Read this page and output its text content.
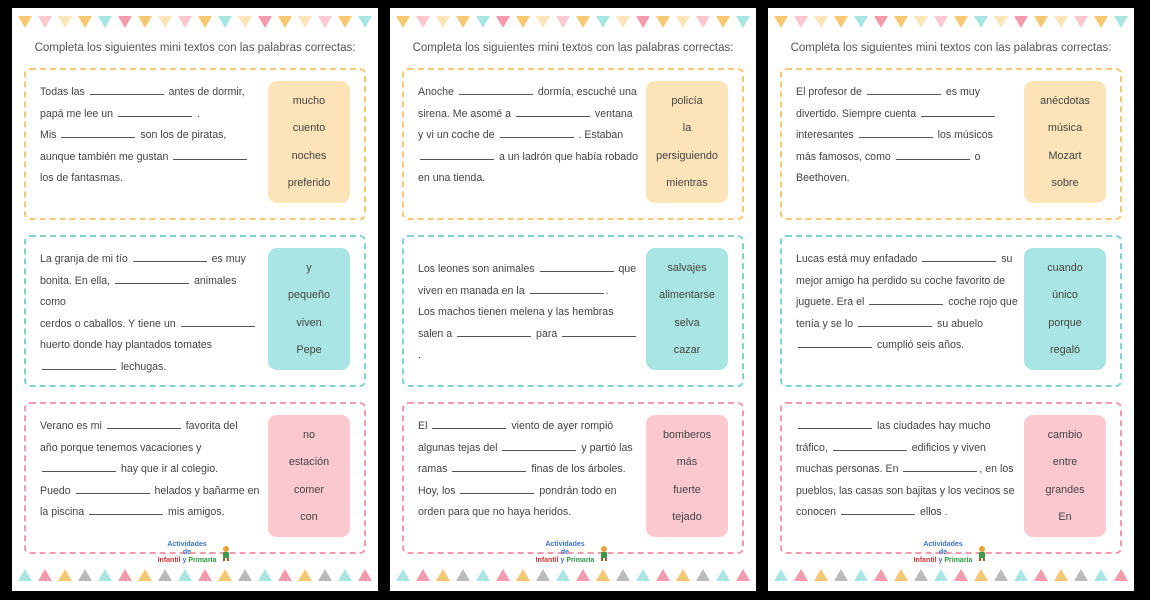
Completa los siguientes mini textos con las palabras correctas:
Todas las	antes de dormir,
papá me lee un	.
Mis	son los de piratas,
aunque también me gustan
los de fantasmas.
mucho
cuento
noches
preferido
La granja de mi tío	es muy
bonita. En ella,	animales como
cerdos o caballos. Y tiene un
huerto donde hay plantados tomates
lechugas.
y
pequeño
viven
Pepe
Verano es mi	favorita del
año porque tenemos vacaciones y
hay que ir al colegio.
Puedo	helados y bañarme en
la piscina	mis amigos.
no
estación
comer
con
Actividades
de
Infantil y Primaria
Completa los siguientes mini textos con las palabras correctas:
Anoche	dormía, escuché una
sirena. Me asomé a	ventana
y vi un coche de	. Estaban
a un ladrón que había robado
en una tienda.
policía
la
persiguiendo
mientras
Los leones son animales	que
viven en manada en la	.
Los machos tienen melena y las hembras
salen a	para .
salvajes
alimentarse
selva
cazar
El	viento de ayer rompió
algunas tejas del	y partió las
ramas	finas de los árboles.
Hoy, los	pondrán todo en
orden para que no haya heridos.
bomberos
más
fuerte
tejado
Actividades
de
Infantil y Primaria
Completa los siguientes mini textos con las palabras correctas:
El profesor de	es muy
divertido. Siempre cuenta
interesantes	los músicos
más famosos, como	o
Beethoven.
anécdotas
música
Mozart
sobre
Lucas está muy enfadado	su
mejor amigo ha perdido su coche favorito de
juguete. Era el	coche rojo que
tenía y se lo	su abuelo
cumplió seis años.
cuando
único
porque
regaló
las ciudades hay mucho
tráfico,	edificios y viven
muchas personas. En	, en los
pueblos, las casas son bajitas y los vecinos se
conocen	ellos .
cambio
entre
grandes
En
Actividades
de
Infantil y Primaria
